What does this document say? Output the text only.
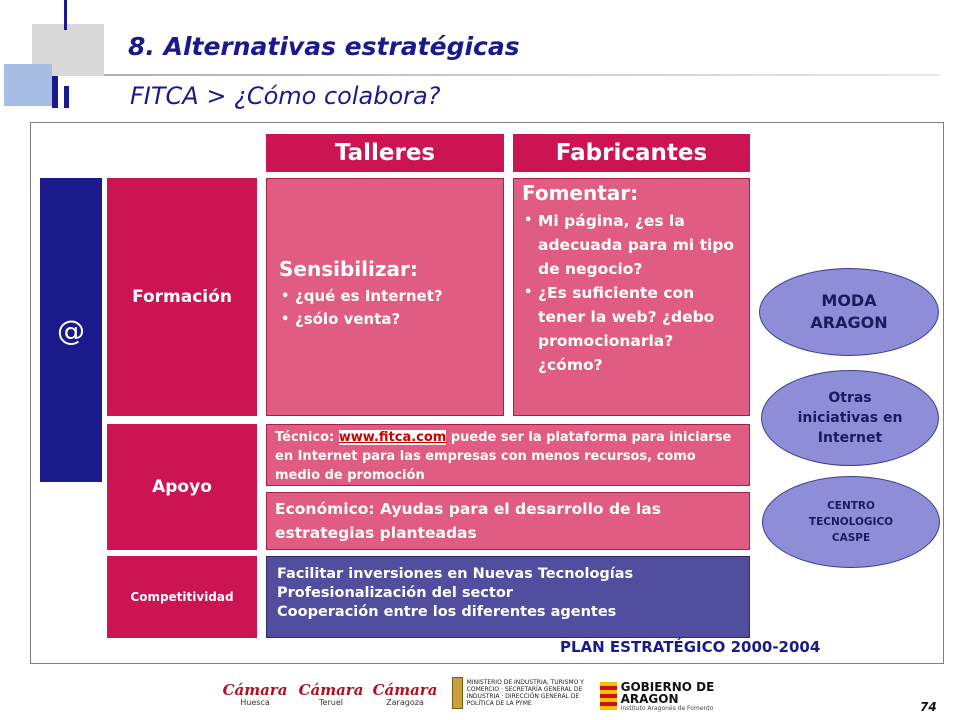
8. Alternativas estratégicas
FITCA > ¿Cómo colabora?
Talleres	Fabricantes
@
Formación
Apoyo
Competitividad
Sensibilizar:
• ¿qué es Internet?
• ¿sólo venta?
Fomentar:
• Mi página, ¿es la adecuada para mi tipo de negocio?
• ¿Es suficiente con tener la web? ¿debo promocionarla? ¿cómo?
Técnico: www.fitca.com puede ser la plataforma para iniciarse en Internet para las empresas con menos recursos, como medio de promoción
Económico: Ayudas para el desarrollo de las estrategias planteadas
Facilitar inversiones en Nuevas Tecnologías
Profesionalización del sector
Cooperación entre los diferentes agentes
MODA ARAGON
Otras iniciativas en Internet
CENTRO TECNOLOGICO CASPE
PLAN ESTRATÉGICO 2000-2004
Cámara
Huesca
Cámara
Teruel
Cámara
Zaragoza
MINISTERIO DE INDUSTRIA, TURISMO Y COMERCIO · SECRETARÍA GENERAL DE INDUSTRIA · DIRECCIÓN GENERAL DE POLÍTICA DE LA PYME
GOBIERNO DE ARAGON
Instituto Aragonés de Fomento	74
